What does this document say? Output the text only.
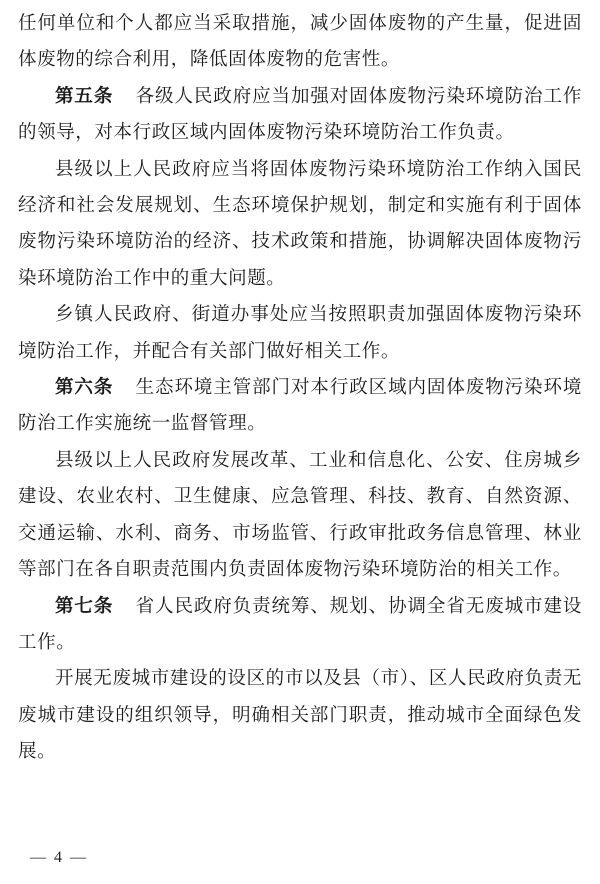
任何单位和个人都应当采取措施，减少固体废物的产生量，促进固体废物的综合利用，降低固体废物的危害性。

第五条 各级人民政府应当加强对固体废物污染环境防治工作的领导，对本行政区域内固体废物污染环境防治工作负责。

县级以上人民政府应当将固体废物污染环境防治工作纳入国民经济和社会发展规划、生态环境保护规划，制定和实施有利于固体废物污染环境防治的经济、技术政策和措施，协调解决固体废物污染环境防治工作中的重大问题。

乡镇人民政府、街道办事处应当按照职责加强固体废物污染环境防治工作，并配合有关部门做好相关工作。

第六条 生态环境主管部门对本行政区域内固体废物污染环境防治工作实施统一监督管理。

县级以上人民政府发展改革、工业和信息化、公安、住房城乡建设、农业农村、卫生健康、应急管理、科技、教育、自然资源、交通运输、水利、商务、市场监管、行政审批政务信息管理、林业等部门在各自职责范围内负责固体废物污染环境防治的相关工作。

第七条 省人民政府负责统筹、规划、协调全省无废城市建设工作。

开展无废城市建设的设区的市以及县（市）、区人民政府负责无废城市建设的组织领导，明确相关部门职责，推动城市全面绿色发展。

— 4 —
